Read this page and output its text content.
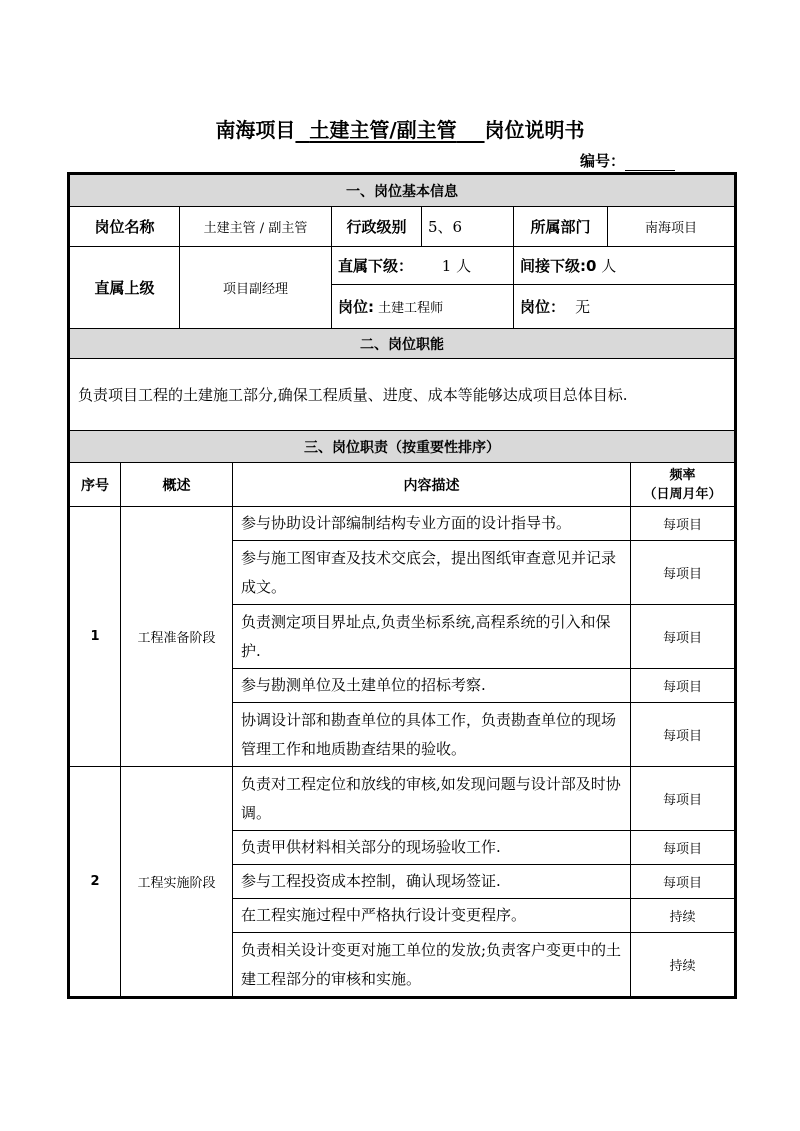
南海项目 土建主管/副主管 岗位说明书
编号：
一、岗位基本信息					
岗位名称	土建主管 / 副主管	行政级别	5、6	所属部门	南海项目
直属上级	项目副经理	直属下级： 1 人		间接下级:0 人	
		岗位: 土建工程师		岗位： 无	
二、岗位职能					
负责项目工程的土建施工部分,确保工程质量、进度、成本等能够达成项目总体目标.					
三、岗位职责（按重要性排序）					
序号	概述	内容描述	频率
（日周月年）
1	工程准备阶段	参与协助设计部编制结构专业方面的设计指导书。	每项目
		参与施工图审查及技术交底会，提出图纸审查意见并记录成文。	每项目
		负责测定项目界址点,负责坐标系统,高程系统的引入和保护.	每项目
		参与勘测单位及土建单位的招标考察.	每项目
		协调设计部和勘查单位的具体工作，负责勘查单位的现场管理工作和地质勘查结果的验收。	每项目
2	工程实施阶段	负责对工程定位和放线的审核,如发现问题与设计部及时协调。	每项目
		负责甲供材料相关部分的现场验收工作.	每项目
		参与工程投资成本控制，确认现场签证.	每项目
		在工程实施过程中严格执行设计变更程序。	持续
		负责相关设计变更对施工单位的发放;负责客户变更中的土建工程部分的审核和实施。	持续
